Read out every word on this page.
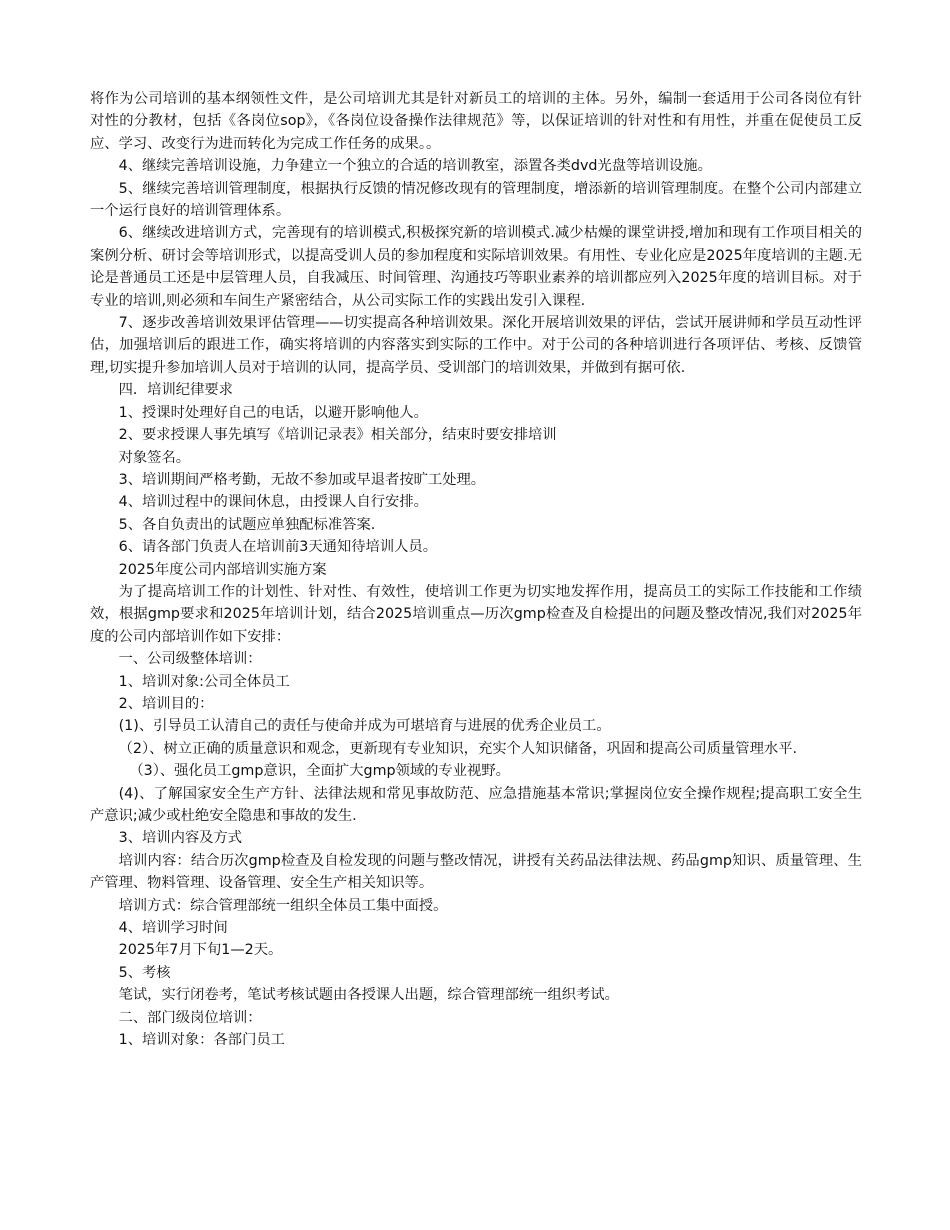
将作为公司培训的基本纲领性文件，是公司培训尤其是针对新员工的培训的主体。另外，编制一套适用于公司各岗位有针对性的分教材，包括《各岗位sop》，《各岗位设备操作法律规范》等，以保证培训的针对性和有用性，并重在促使员工反应、学习、改变行为进而转化为完成工作任务的成果。。

4、继续完善培训设施，力争建立一个独立的合适的培训教室，添置各类dvd光盘等培训设施。

5、继续完善培训管理制度，根据执行反馈的情况修改现有的管理制度，增添新的培训管理制度。在整个公司内部建立一个运行良好的培训管理体系。

6、继续改进培训方式，完善现有的培训模式,积极探究新的培训模式.减少枯燥的课堂讲授,增加和现有工作项目相关的案例分析、研讨会等培训形式，以提高受训人员的参加程度和实际培训效果。有用性、专业化应是2025年度培训的主题.无论是普通员工还是中层管理人员，自我减压、时间管理、沟通技巧等职业素养的培训都应列入2025年度的培训目标。对于专业的培训,则必须和车间生产紧密结合，从公司实际工作的实践出发引入课程.

7、逐步改善培训效果评估管理——切实提高各种培训效果。深化开展培训效果的评估，尝试开展讲师和学员互动性评估，加强培训后的跟进工作，确实将培训的内容落实到实际的工作中。对于公司的各种培训进行各项评估、考核、反馈管理,切实提升参加培训人员对于培训的认同，提高学员、受训部门的培训效果，并做到有据可依.

四．培训纪律要求

1、授课时处理好自己的电话，以避开影响他人。

2、要求授课人事先填写《培训记录表》相关部分，结束时要安排培训

对象签名。

3、培训期间严格考勤，无故不参加或早退者按旷工处理。

4、培训过程中的课间休息，由授课人自行安排。

5、各自负责出的试题应单独配标准答案.

6、请各部门负责人在培训前3天通知待培训人员。

2025年度公司内部培训实施方案

为了提高培训工作的计划性、针对性、有效性，使培训工作更为切实地发挥作用，提高员工的实际工作技能和工作绩效，根据gmp要求和2025年培训计划，结合2025培训重点—历次gmp检查及自检提出的问题及整改情况,我们对2025年度的公司内部培训作如下安排：

一、公司级整体培训：

1、培训对象:公司全体员工

2、培训目的：

(1)、引导员工认清自己的责任与使命并成为可堪培育与进展的优秀企业员工。

（2）、树立正确的质量意识和观念，更新现有专业知识，充实个人知识储备，巩固和提高公司质量管理水平.

（3）、强化员工gmp意识，全面扩大gmp领域的专业视野。

(4)、了解国家安全生产方针、法律法规和常见事故防范、应急措施基本常识;掌握岗位安全操作规程;提高职工安全生产意识;减少或杜绝安全隐患和事故的发生.

3、培训内容及方式

培训内容：结合历次gmp检查及自检发现的问题与整改情况，讲授有关药品法律法规、药品gmp知识、质量管理、生产管理、物料管理、设备管理、安全生产相关知识等。

培训方式：综合管理部统一组织全体员工集中面授。

4、培训学习时间

2025年7月下旬1—2天。

5、考核

笔试，实行闭卷考，笔试考核试题由各授课人出题，综合管理部统一组织考试。

二、部门级岗位培训：

1、培训对象：各部门员工
